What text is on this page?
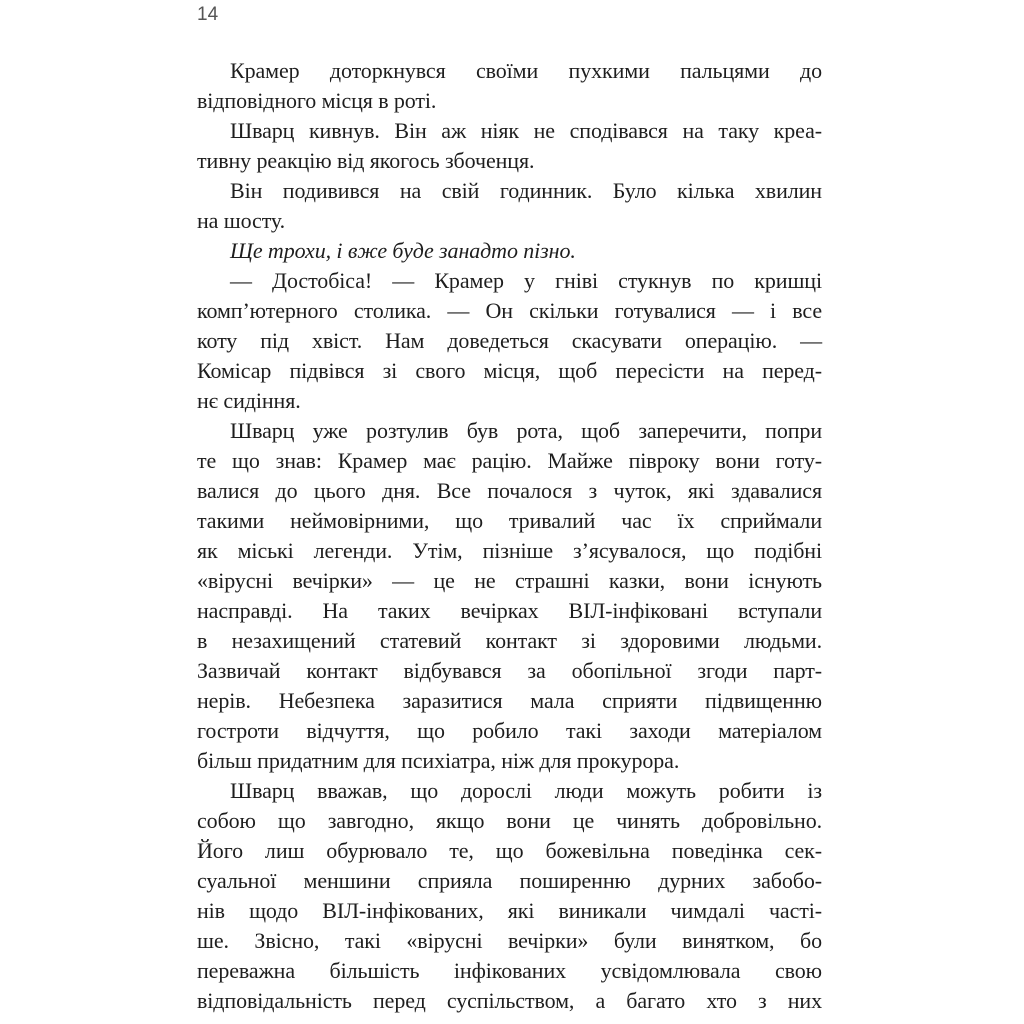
14

Крамер доторкнувся своїми пухкими пальцями до
відповідного місця в роті.

Шварц кивнув. Він аж ніяк не сподівався на таку креа-
тивну реакцію від якогось збоченця.

Він подивився на свій годинник. Було кілька хвилин
на шосту.

Ще трохи, і вже буде занадто пізно.

— Достобіса! — Крамер у гніві стукнув по кришці
комп’ютерного столика. — Он скільки готувалися — і все
коту під хвіст. Нам доведеться скасувати операцію. —
Комісар підвівся зі свого місця, щоб пересісти на перед-
нє сидіння.

Шварц уже розтулив був рота, щоб заперечити, попри
те що знав: Крамер має рацію. Майже півроку вони готу-
валися до цього дня. Все почалося з чуток, які здавалися
такими неймовірними, що тривалий час їх сприймали
як міські легенди. Утім, пізніше з’ясувалося, що подібні
«вірусні вечірки» — це не страшні казки, вони існують
насправді. На таких вечірках ВІЛ-інфіковані вступали
в незахищений статевий контакт зі здоровими людьми.
Зазвичай контакт відбувався за обопільної згоди парт-
нерів. Небезпека заразитися мала сприяти підвищенню
гостроти відчуття, що робило такі заходи матеріалом
більш придатним для психіатра, ніж для прокурора.

Шварц вважав, що дорослі люди можуть робити із
собою що завгодно, якщо вони це чинять добровільно.
Його лиш обурювало те, що божевільна поведінка сек-
суальної меншини сприяла поширенню дурних забобо-
нів щодо ВІЛ-інфікованих, які виникали чимдалі часті-
ше. Звісно, такі «вірусні вечірки» були винятком, бо
переважна більшість інфікованих усвідомлювала свою
відповідальність перед суспільством, а багато хто з них
